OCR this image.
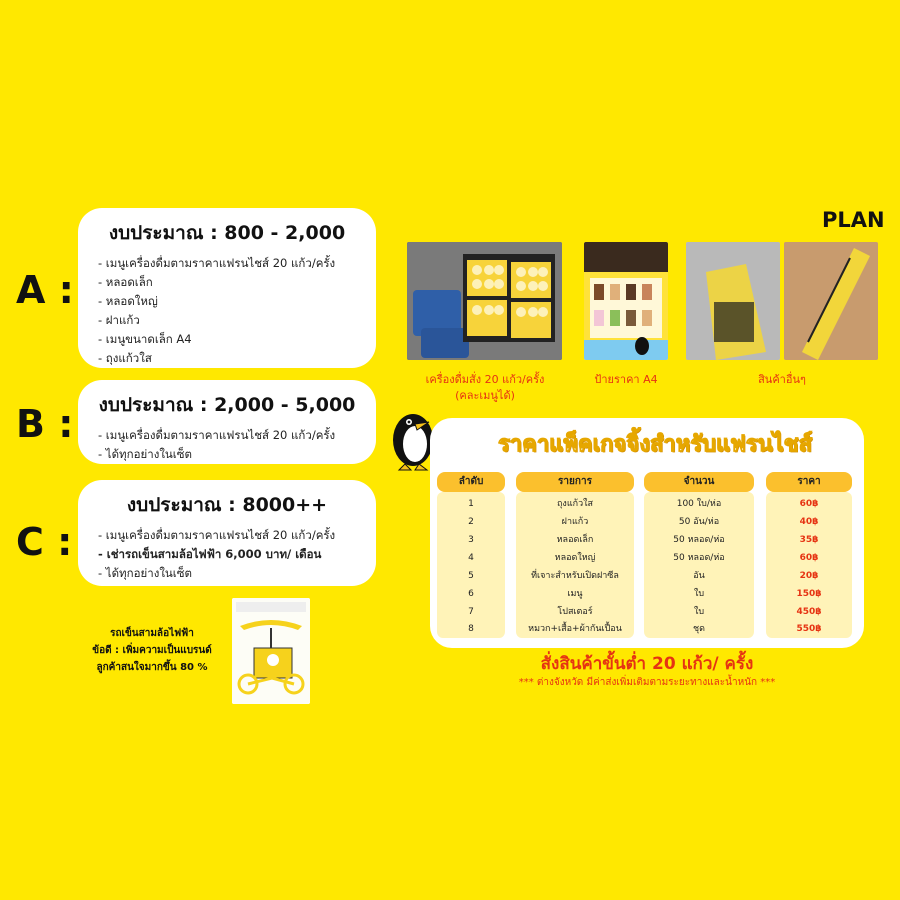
PLAN
A :
งบประมาณ : 800 - 2,000
- เมนูเครื่องดื่มตามราคาแฟรนไชส์ 20 แก้ว/ครั้ง
- หลอดเล็ก
- หลอดใหญ่
- ฝาแก้ว
- เมนูขนาดเล็ก A4
- ถุงแก้วใส
B :	งบประมาณ : 2,000 - 5,000
- เมนูเครื่องดื่มตามราคาแฟรนไชส์ 20 แก้ว/ครั้ง
- ได้ทุกอย่างในเซ็ต
C :
งบประมาณ : 8000++
- เมนูเครื่องดื่มตามราคาแฟรนไชส์ 20 แก้ว/ครั้ง
- เช่ารถเข็นสามล้อไฟฟ้า 6,000 บาท/ เดือน
- ได้ทุกอย่างในเซ็ต
เครื่องดื่มสั่ง 20 แก้ว/ครั้ง
(คละเมนูได้)
ป้ายราคา A4	สินค้าอื่นๆ
ราคาแพ็คเกจจิ้งสำหรับแฟรนไชส์
ลำดับ	รายการ	จำนวน	ราคา
1	ถุงแก้วใส	100 ใบ/ห่อ	60฿
2	ฝาแก้ว	50 อัน/ห่อ	40฿
3	หลอดเล็ก	50 หลอด/ห่อ	35฿
4	หลอดใหญ่	50 หลอด/ห่อ	60฿
5	ที่เจาะสำหรับเปิดฝาซีล	อัน	20฿
6	เมนู	ใบ	150฿
7	โปสเตอร์	ใบ	450฿
8	หมวก+เสื้อ+ผ้ากันเปื้อน	ชุด	550฿
สั่งสินค้าขั้นต่ำ 20 แก้ว/ ครั้ง
*** ต่างจังหวัด มีค่าส่งเพิ่มเติมตามระยะทางและน้ำหนัก ***
รถเข็นสามล้อไฟฟ้า
ข้อดี : เพิ่มความเป็นแบรนด์
ลูกค้าสนใจมากขึ้น 80 %
